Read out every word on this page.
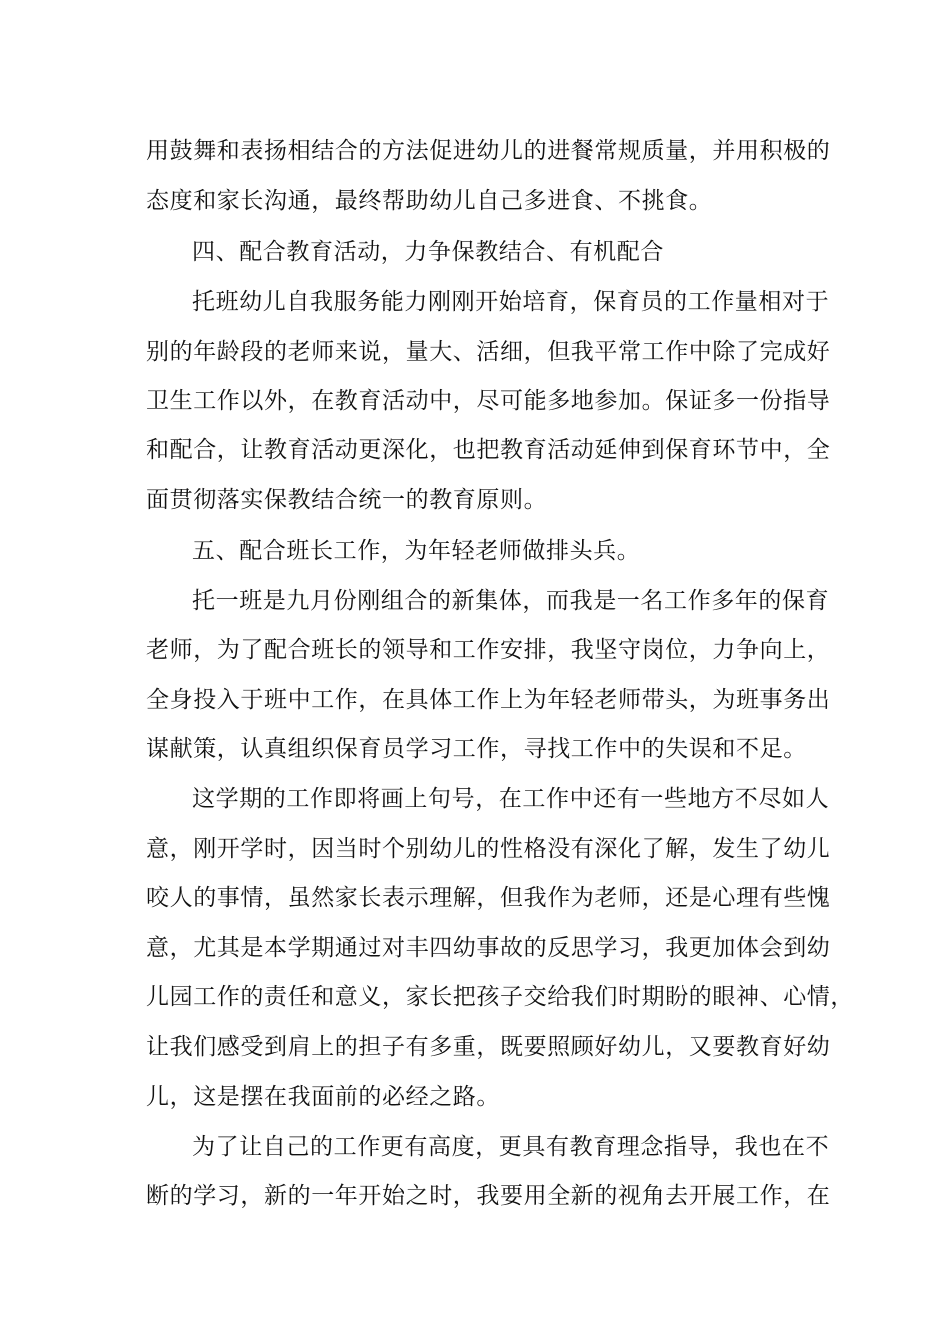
用鼓舞和表扬相结合的方法促进幼儿的进餐常规质量，并用积极的
态度和家长沟通，最终帮助幼儿自己多进食、不挑食。
四、配合教育活动，力争保教结合、有机配合
托班幼儿自我服务能力刚刚开始培育，保育员的工作量相对于
别的年龄段的老师来说，量大、活细，但我平常工作中除了完成好
卫生工作以外，在教育活动中，尽可能多地参加。保证多一份指导
和配合，让教育活动更深化，也把教育活动延伸到保育环节中，全
面贯彻落实保教结合统一的教育原则。
五、配合班长工作，为年轻老师做排头兵。
托一班是九月份刚组合的新集体，而我是一名工作多年的保育
老师，为了配合班长的领导和工作安排，我坚守岗位，力争向上，
全身投入于班中工作，在具体工作上为年轻老师带头，为班事务出
谋献策，认真组织保育员学习工作，寻找工作中的失误和不足。
这学期的工作即将画上句号，在工作中还有一些地方不尽如人
意，刚开学时，因当时个别幼儿的性格没有深化了解，发生了幼儿
咬人的事情，虽然家长表示理解，但我作为老师，还是心理有些愧
意，尤其是本学期通过对丰四幼事故的反思学习，我更加体会到幼
儿园工作的责任和意义，家长把孩子交给我们时期盼的眼神、心情，
让我们感受到肩上的担子有多重，既要照顾好幼儿，又要教育好幼
儿，这是摆在我面前的必经之路。
为了让自己的工作更有高度，更具有教育理念指导，我也在不
断的学习，新的一年开始之时，我要用全新的视角去开展工作，在
